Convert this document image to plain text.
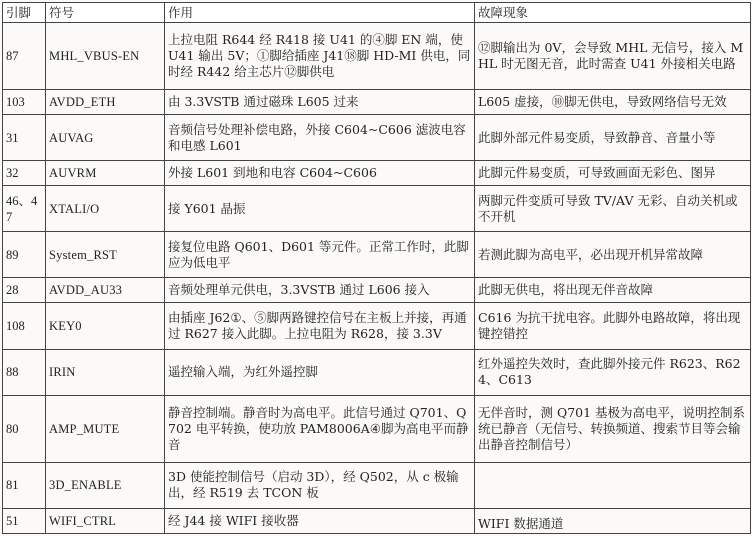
引脚	符号	作用	故障现象
87	MHL_VBUS-EN	上拉电阻 R644 经 R418 接 U41 的④脚 EN 端，使 U41 输出 5V；①脚给插座 J41⑱脚 HD-MI 供电，同时经 R442 给主芯片⑫脚供电	⑫脚输出为 0V，会导致 MHL 无信号，接入 MHL 时无图无音，此时需查 U41 外接相关电路
103	AVDD_ETH	由 3.3VSTB 通过磁珠 L605 过来	L605 虚接，⑩脚无供电，导致网络信号无效
31	AUVAG	音频信号处理补偿电路，外接 C604~C606 滤波电容和电感 L601	此脚外部元件易变质，导致静音、音量小等
32	AUVRM	外接 L601 到地和电容 C604~C606	此脚元件易变质，可导致画面无彩色、图异
46、47	XTALI/O	接 Y601 晶振	两脚元件变质可导致 TV/AV 无彩、自动关机或不开机
89	System_RST	接复位电路 Q601、D601 等元件。正常工作时，此脚应为低电平	若测此脚为高电平，必出现开机异常故障
28	AVDD_AU33	音频处理单元供电，3.3VSTB 通过 L606 接入	此脚无供电，将出现无伴音故障
108	KEY0	由插座 J62①、⑤脚两路键控信号在主板上并接，再通过 R627 接入此脚。上拉电阻为 R628，接 3.3V	C616 为抗干扰电容。此脚外电路故障，将出现键控错控
88	IRIN	遥控输入端，为红外遥控脚	红外遥控失效时，查此脚外接元件 R623、R624、C613
80	AMP_MUTE	静音控制端。静音时为高电平。此信号通过 Q701、Q702 电平转换，使功放 PAM8006A④脚为高电平而静音	无伴音时，测 Q701 基极为高电平，说明控制系统已静音（无信号、转换频道、搜索节目等会输出静音控制信号）
81	3D_ENABLE	3D 使能控制信号（启动 3D），经 Q502，从 c 极输出，经 R519 去 TCON 板	
51	WIFI_CTRL	经 J44 接 WIFI 接收器	WIFI 数据通道
